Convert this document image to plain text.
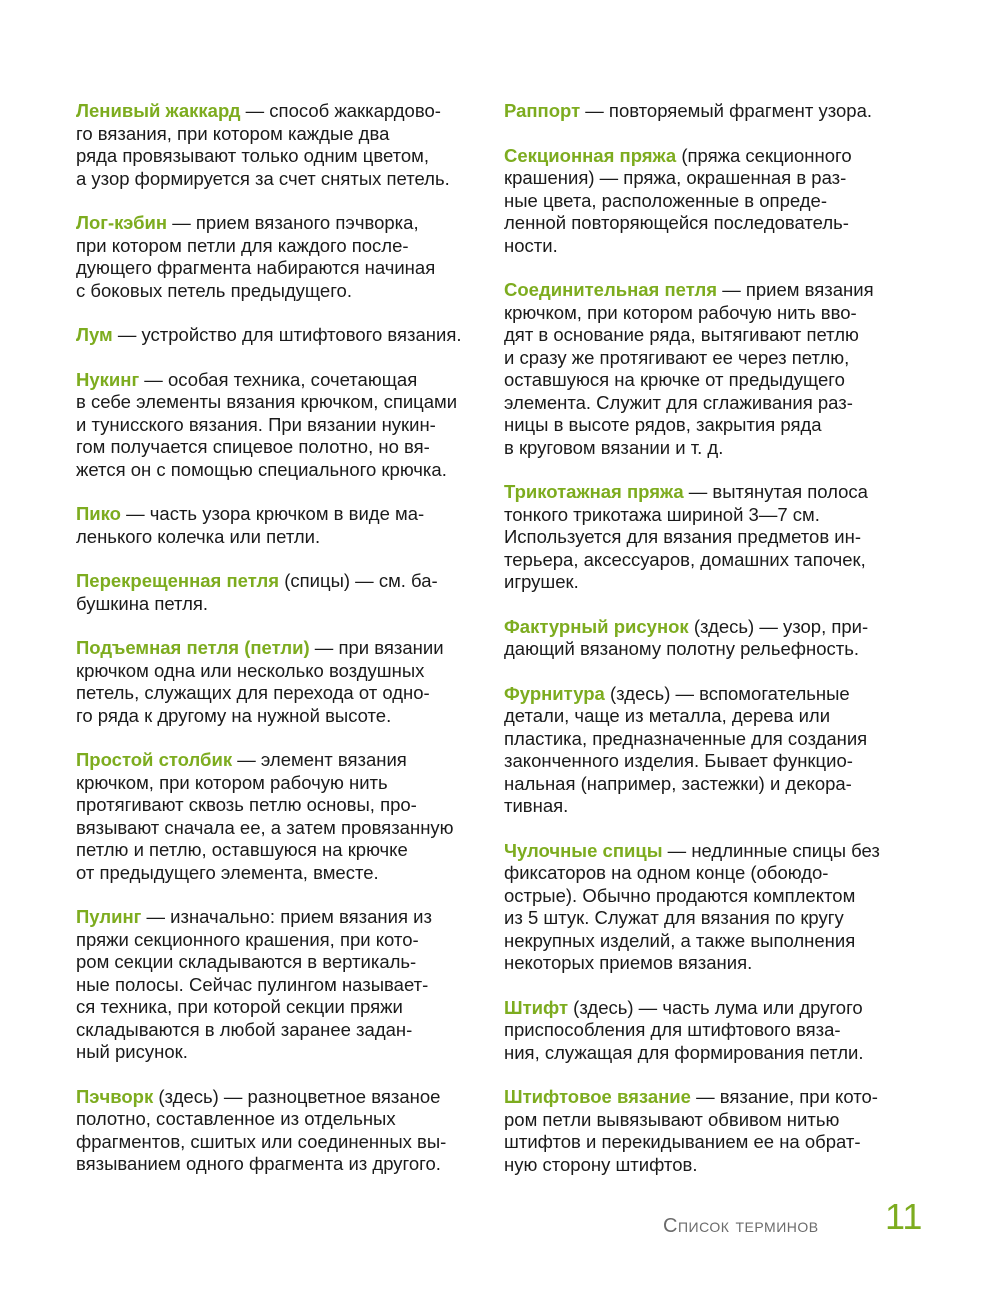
Ленивый жаккард — способ жаккардово-
го вязания, при котором каждые два
ряда провязывают только одним цветом,
а узор формируется за счет снятых петель.
Лог-кэбин — прием вязаного пэчворка,
при котором петли для каждого после-
дующего фрагмента набираются начиная
с боковых петель предыдущего.
Лум — устройство для штифтового вязания.
Нукинг — особая техника, сочетающая
в себе элементы вязания крючком, спицами
и тунисского вязания. При вязании нукин-
гом получается спицевое полотно, но вя-
жется он с помощью специального крючка.
Пико — часть узора крючком в виде ма-
ленького колечка или петли.
Перекрещенная петля (спицы) — см. ба-
бушкина петля.
Подъемная петля (петли) — при вязании
крючком одна или несколько воздушных
петель, служащих для перехода от одно-
го ряда к другому на нужной высоте.
Простой столбик — элемент вязания
крючком, при котором рабочую нить
протягивают сквозь петлю основы, про-
вязывают сначала ее, а затем провязанную
петлю и петлю, оставшуюся на крючке
от предыдущего элемента, вместе.
Пулинг — изначально: прием вязания из
пряжи секционного крашения, при кото-
ром секции складываются в вертикаль-
ные полосы. Сейчас пулингом называет-
ся техника, при которой секции пряжи
складываются в любой заранее задан-
ный рисунок.
Пэчворк (здесь) — разноцветное вязаное
полотно, составленное из отдельных
фрагментов, сшитых или соединенных вы-
вязыванием одного фрагмента из другого.
Раппорт — повторяемый фрагмент узора.
Секционная пряжа (пряжа секционного
крашения) — пряжа, окрашенная в раз-
ные цвета, расположенные в опреде-
ленной повторяющейся последователь-
ности.
Соединительная петля — прием вязания
крючком, при котором рабочую нить вво-
дят в основание ряда, вытягивают петлю
и сразу же протягивают ее через петлю,
оставшуюся на крючке от предыдущего
элемента. Служит для сглаживания раз-
ницы в высоте рядов, закрытия ряда
в круговом вязании и т. д.
Трикотажная пряжа — вытянутая полоса
тонкого трикотажа шириной 3—7 см.
Используется для вязания предметов ин-
терьера, аксессуаров, домашних тапочек,
игрушек.
Фактурный рисунок (здесь) — узор, при-
дающий вязаному полотну рельефность.
Фурнитура (здесь) — вспомогательные
детали, чаще из металла, дерева или
пластика, предназначенные для создания
законченного изделия. Бывает функцио-
нальная (например, застежки) и декора-
тивная.
Чулочные спицы — недлинные спицы без
фиксаторов на одном конце (обоюдо-
острые). Обычно продаются комплектом
из 5 штук. Служат для вязания по кругу
некрупных изделий, а также выполнения
некоторых приемов вязания.
Штифт (здесь) — часть лума или другого
приспособления для штифтового вяза-
ния, служащая для формирования петли.
Штифтовое вязание — вязание, при кото-
ром петли вывязывают обвивом нитью
штифтов и перекидыванием ее на обрат-
ную сторону штифтов.
Список терминов 11
